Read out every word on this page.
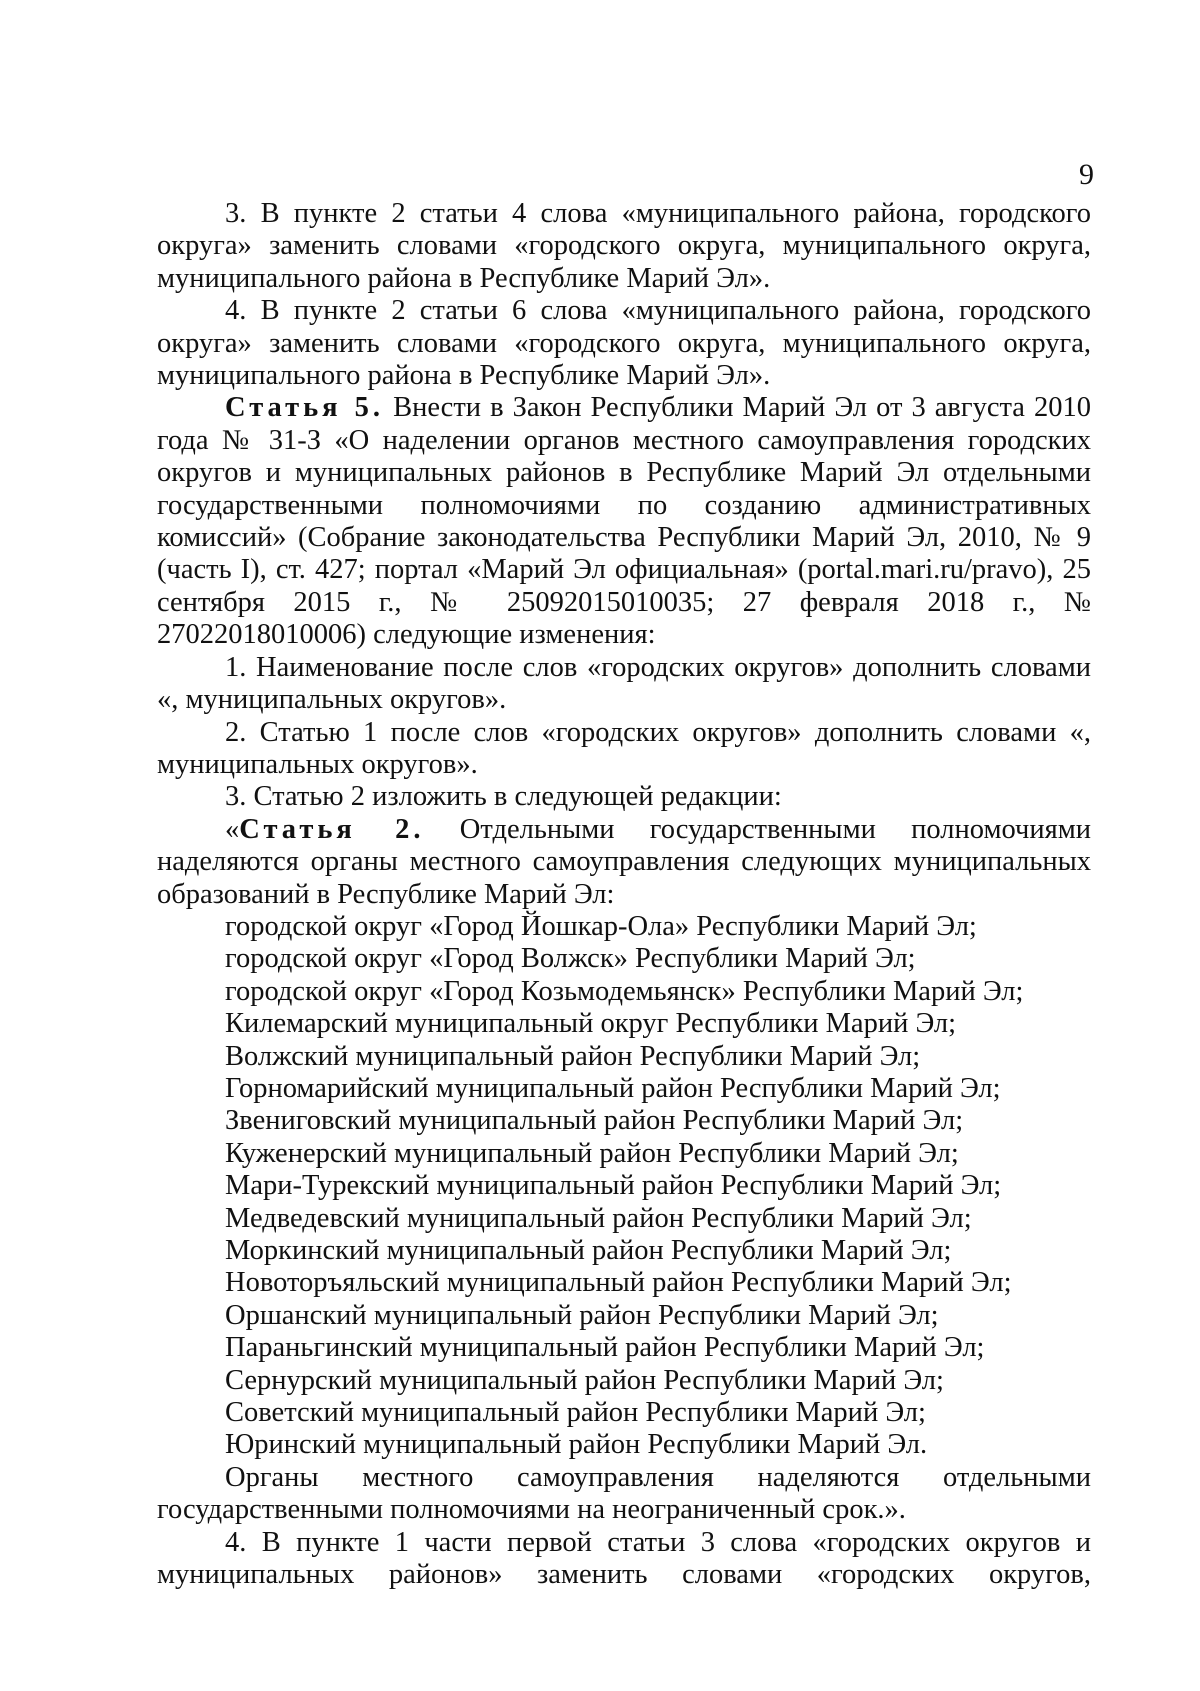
9

3. В пункте 2 статьи 4 слова «муниципального района, городского округа» заменить словами «городского округа, муниципального округа, муниципального района в Республике Марий Эл».

4. В пункте 2 статьи 6 слова «муниципального района, городского округа» заменить словами «городского округа, муниципального округа, муниципального района в Республике Марий Эл».

Статья 5. Внести в Закон Республики Марий Эл от 3 августа 2010 года № 31-З «О наделении органов местного самоуправления городских округов и муниципальных районов в Республике Марий Эл отдельными государственными полномочиями по созданию административных комиссий» (Собрание законодательства Республики Марий Эл, 2010, № 9 (часть I), ст. 427; портал «Марий Эл официальная» (portal.mari.ru/pravo), 25 сентября 2015 г., № 25092015010035; 27 февраля 2018 г., № 27022018010006) следующие изменения:

1. Наименование после слов «городских округов» дополнить словами «, муниципальных округов».

2. Статью 1 после слов «городских округов» дополнить словами «, муниципальных округов».

3. Статью 2 изложить в следующей редакции:

«Статья 2. Отдельными государственными полномочиями наделяются органы местного самоуправления следующих муниципальных образований в Республике Марий Эл:

городской округ «Город Йошкар-Ола» Республики Марий Эл;

городской округ «Город Волжск» Республики Марий Эл;

городской округ «Город Козьмодемьянск» Республики Марий Эл;

Килемарский муниципальный округ Республики Марий Эл;

Волжский муниципальный район Республики Марий Эл;

Горномарийский муниципальный район Республики Марий Эл;

Звениговский муниципальный район Республики Марий Эл;

Куженерский муниципальный район Республики Марий Эл;

Мари-Турекский муниципальный район Республики Марий Эл;

Медведевский муниципальный район Республики Марий Эл;

Моркинский муниципальный район Республики Марий Эл;

Новоторъяльский муниципальный район Республики Марий Эл;

Оршанский муниципальный район Республики Марий Эл;

Параньгинский муниципальный район Республики Марий Эл;

Сернурский муниципальный район Республики Марий Эл;

Советский муниципальный район Республики Марий Эл;

Юринский муниципальный район Республики Марий Эл.

Органы местного самоуправления наделяются отдельными государственными полномочиями на неограниченный срок.».

4. В пункте 1 части первой статьи 3 слова «городских округов и муниципальных районов» заменить словами «городских округов,
